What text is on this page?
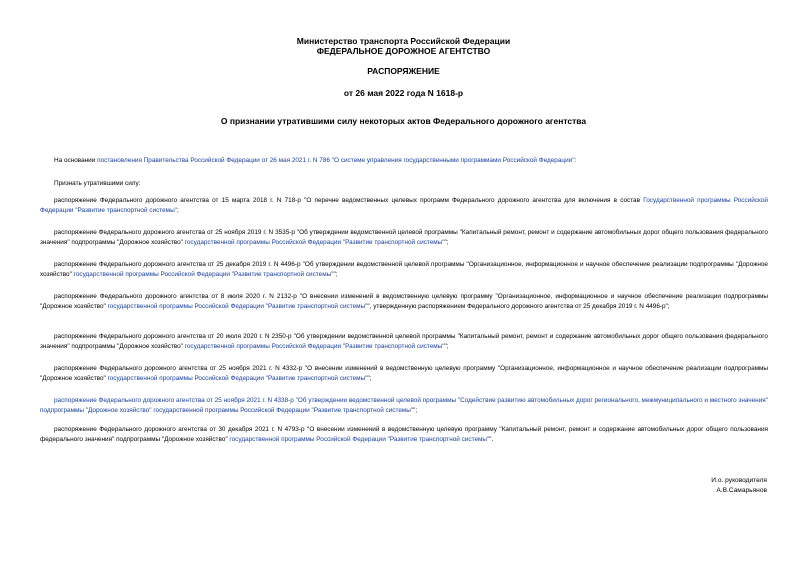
Министерство транспорта Российской Федерации
ФЕДЕРАЛЬНОЕ ДОРОЖНОЕ АГЕНТСТВО
РАСПОРЯЖЕНИЕ
от 26 мая 2022 года N 1618-р
О признании утратившими силу некоторых актов Федерального дорожного агентства
На основании постановления Правительства Российской Федерации от 26 мая 2021 г. N 786 "О системе управления государственными программами Российской Федерации":
Признать утратившими силу:
распоряжение Федерального дорожного агентства от 15 марта 2018 г. N 718-р "О перечне ведомственных целевых программ Федерального дорожного агентства для включения в состав Государственной программы Российской Федерации "Развитие транспортной системы";
распоряжение Федерального дорожного агентства от 25 ноября 2019 г. N 3535-р "Об утверждении ведомственной целевой программы "Капитальный ремонт, ремонт и содержание автомобильных дорог общего пользования федерального значения" подпрограммы "Дорожное хозяйство" государственной программы Российской Федерации "Развитие транспортной системы"";
распоряжение Федерального дорожного агентства от 25 декабря 2019 г. N 4496-р "Об утверждении ведомственной целевой программы "Организационное, информационное и научное обеспечение реализации подпрограммы "Дорожное хозяйство" государственной программы Российской Федерации "Развитие транспортной системы"";
распоряжение Федерального дорожного агентства от 8 июля 2020 г. N 2132-р "О внесении изменений в ведомственную целевую программу "Организационное, информационное и научное обеспечение реализации подпрограммы "Дорожное хозяйство" государственной программы Российской Федерации "Развитие транспортной системы"", утвержденную распоряжением Федерального дорожного агентства от 25 декабря 2019 г. N 4496-р";
распоряжение Федерального дорожного агентства от 20 июля 2020 г. N 2350-р "Об утверждении ведомственной целевой программы "Капитальный ремонт, ремонт и содержание автомобильных дорог общего пользования федерального значения" подпрограммы "Дорожное хозяйство" государственной программы Российской Федерации "Развитие транспортной системы"";
распоряжение Федерального дорожного агентства от 25 ноября 2021 г. N 4332-р "О внесении изменений в ведомственную целевую программу "Организационное, информационное и научное обеспечение реализации подпрограммы "Дорожное хозяйство" государственной программы Российской Федерации "Развитие транспортной системы"";
распоряжение Федерального дорожного агентства от 25 ноября 2021 г. N 4338-р "Об утверждении ведомственной целевой программы "Содействие развитию автомобильных дорог регионального, межмуниципального и местного значения" подпрограммы "Дорожное хозяйство" государственной программы Российской Федерации "Развитие транспортной системы"";
распоряжение Федерального дорожного агентства от 30 декабря 2021 г. N 4793-р "О внесении изменений в ведомственную целевую программу "Капитальный ремонт, ремонт и содержание автомобильных дорог общего пользования федерального значения" подпрограммы "Дорожное хозяйство" государственной программы Российской Федерации "Развитие транспортной системы"".
И.о. руководителя
А.В.Самарьянов
